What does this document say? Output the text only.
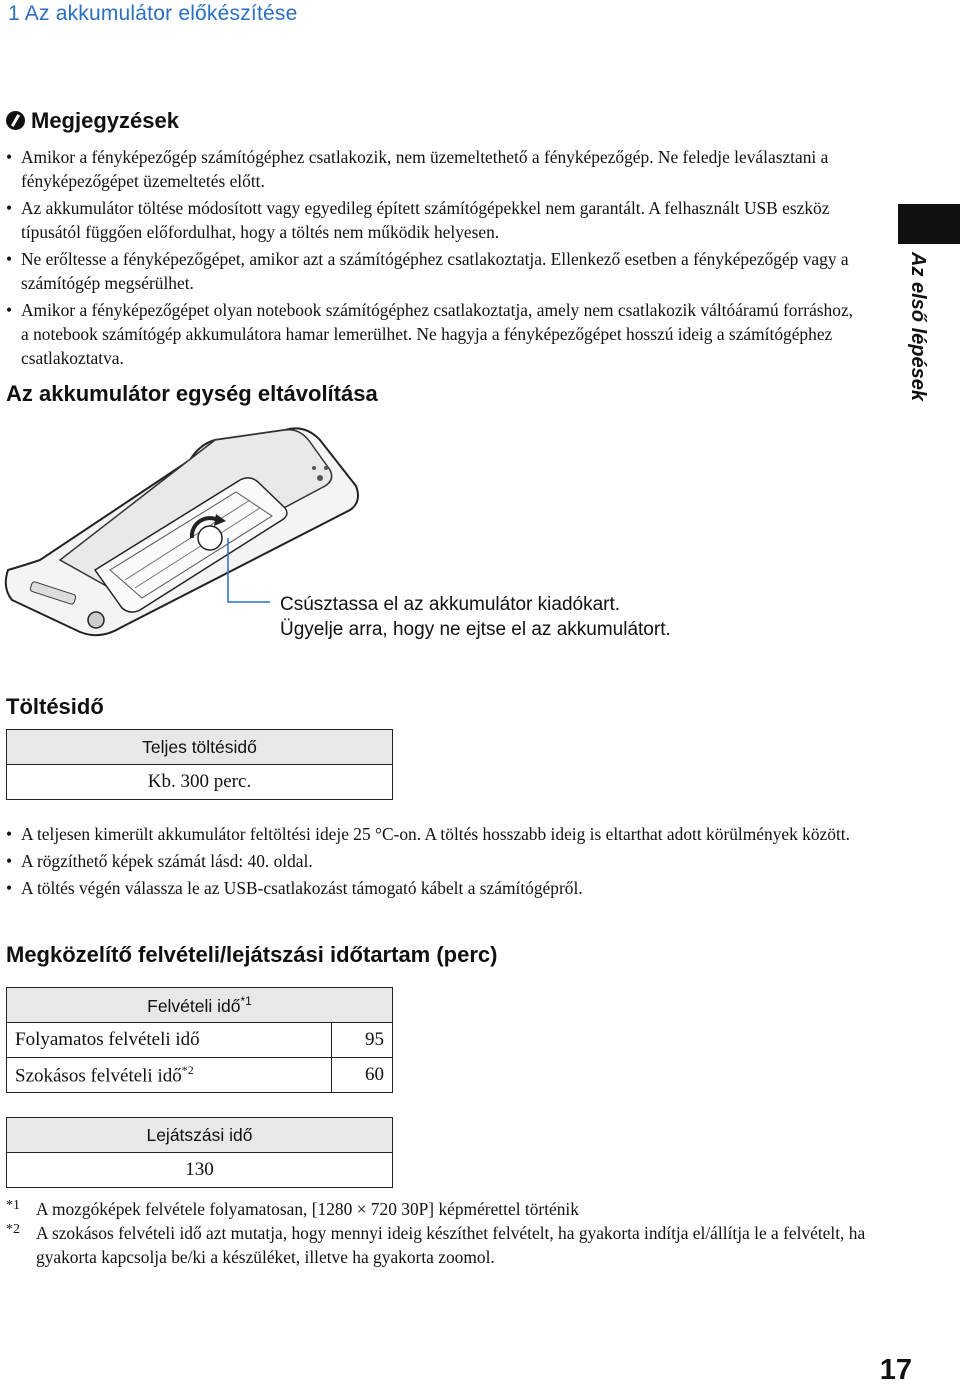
1 Az akkumulátor előkészítése
Megjegyzések
• Amikor a fényképezőgép számítógéphez csatlakozik, nem üzemeltethető a fényképezőgép. Ne feledje leválasztani a fényképezőgépet üzemeltetés előtt.
• Az akkumulátor töltése módosított vagy egyedileg épített számítógépekkel nem garantált. A felhasznált USB eszköz típusától függően előfordulhat, hogy a töltés nem működik helyesen.
• Ne erőltesse a fényképezőgépet, amikor azt a számítógéphez csatlakoztatja. Ellenkező esetben a fényképezőgép vagy a számítógép megsérülhet.
• Amikor a fényképezőgépet olyan notebook számítógéphez csatlakoztatja, amely nem csatlakozik váltóáramú forráshoz, a notebook számítógép akkumulátora hamar lemerülhet. Ne hagyja a fényképezőgépet hosszú ideig a számítógéphez csatlakoztatva.	Az első lépések
Az akkumulátor egység eltávolítása
Csúsztassa el az akkumulátor kiadókart.
Ügyelje arra, hogy ne ejtse el az akkumulátort.
Töltésidő
Teljes töltésidő
Kb. 300 perc.
• A teljesen kimerült akkumulátor feltöltési ideje 25 °C-on. A töltés hosszabb ideig is eltarthat adott körülmények között.
• A rögzíthető képek számát lásd: 40. oldal.
• A töltés végén válassza le az USB-csatlakozást támogató kábelt a számítógépről.
Megközelítő felvételi/lejátszási időtartam (perc)
Felvételi idő$^{*1}$
Folyamatos felvételi idő	95
Szokásos felvételi idő$^{*2}$	60
Lejátszási idő
130
*1 A mozgóképek felvétele folyamatosan, [1280 × 720 30P] képmérettel történik
*2 A szokásos felvételi idő azt mutatja, hogy mennyi ideig készíthet felvételt, ha gyakorta indítja el/állítja le a felvételt, ha gyakorta kapcsolja be/ki a készüléket, illetve ha gyakorta zoomol.
17
